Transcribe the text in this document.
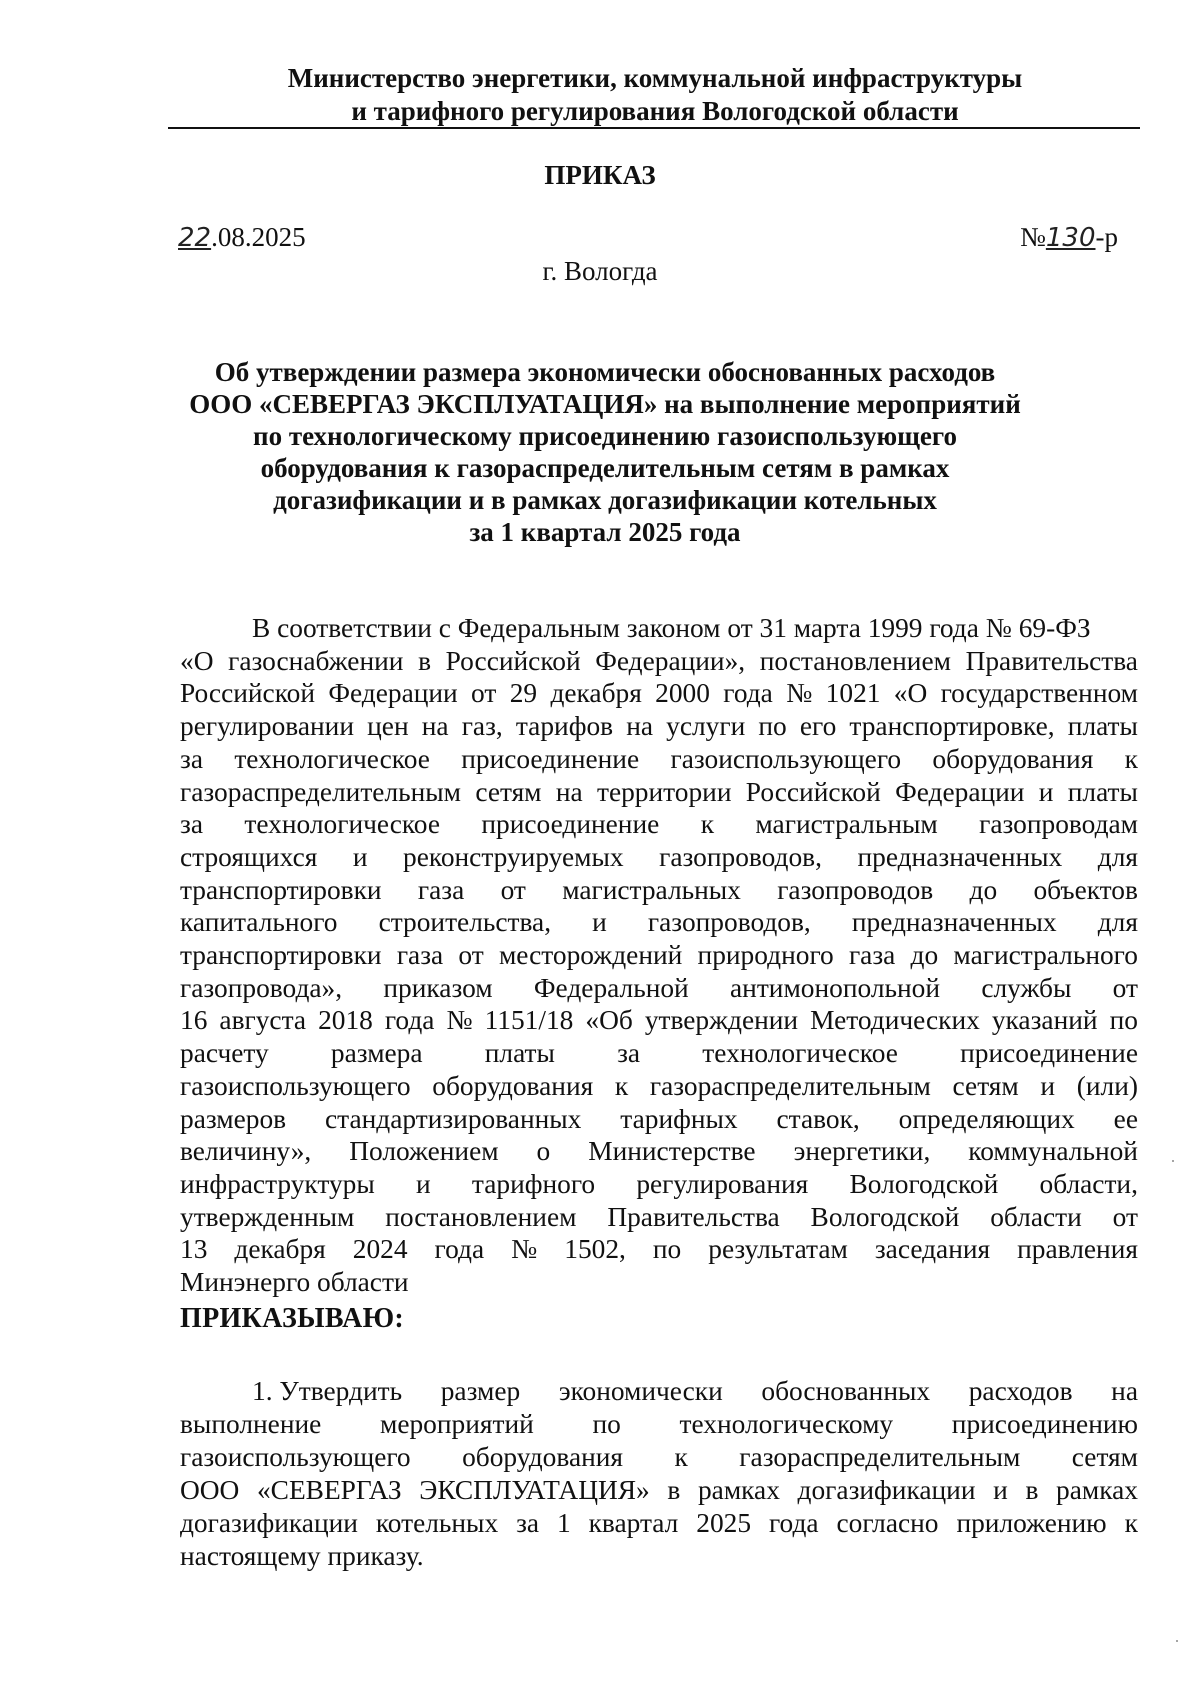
Министерство энергетики, коммунальной инфраструктуры
и тарифного регулирования Вологодской области
ПРИКАЗ
22.08.2025	№130-р
г. Вологда
Об утверждении размера экономически обоснованных расходов
ООО «СЕВЕРГАЗ ЭКСПЛУАТАЦИЯ» на выполнение мероприятий
по технологическому присоединению газоиспользующего
оборудования к газораспределительным сетям в рамках
догазификации и в рамках догазификации котельных
за 1 квартал 2025 года
В соответствии с Федеральным законом от 31 марта 1999 года № 69-ФЗ
«О газоснабжении в Российской Федерации», постановлением Правительства
Российской Федерации от 29 декабря 2000 года № 1021 «О государственном
регулировании цен на газ, тарифов на услуги по его транспортировке, платы
за технологическое присоединение газоиспользующего оборудования к
газораспределительным сетям на территории Российской Федерации и платы
за технологическое присоединение к магистральным газопроводам
строящихся и реконструируемых газопроводов, предназначенных для
транспортировки газа от магистральных газопроводов до объектов
капитального строительства, и газопроводов, предназначенных для
транспортировки газа от месторождений природного газа до магистрального
газопровода», приказом Федеральной антимонопольной службы от
16 августа 2018 года № 1151/18 «Об утверждении Методических указаний по
расчету размера платы за технологическое присоединение
газоиспользующего оборудования к газораспределительным сетям и (или)
размеров стандартизированных тарифных ставок, определяющих ее
величину», Положением о Министерстве энергетики, коммунальной
инфраструктуры и тарифного регулирования Вологодской области,
утвержденным постановлением Правительства Вологодской области от
13 декабря 2024 года № 1502, по результатам заседания правления
Минэнерго области
ПРИКАЗЫВАЮ:
1. Утвердить размер экономически обоснованных расходов на
выполнение мероприятий по технологическому присоединению
газоиспользующего оборудования к газораспределительным сетям
ООО «СЕВЕРГАЗ ЭКСПЛУАТАЦИЯ» в рамках догазификации и в рамках
догазификации котельных за 1 квартал 2025 года согласно приложению к
настоящему приказу.
